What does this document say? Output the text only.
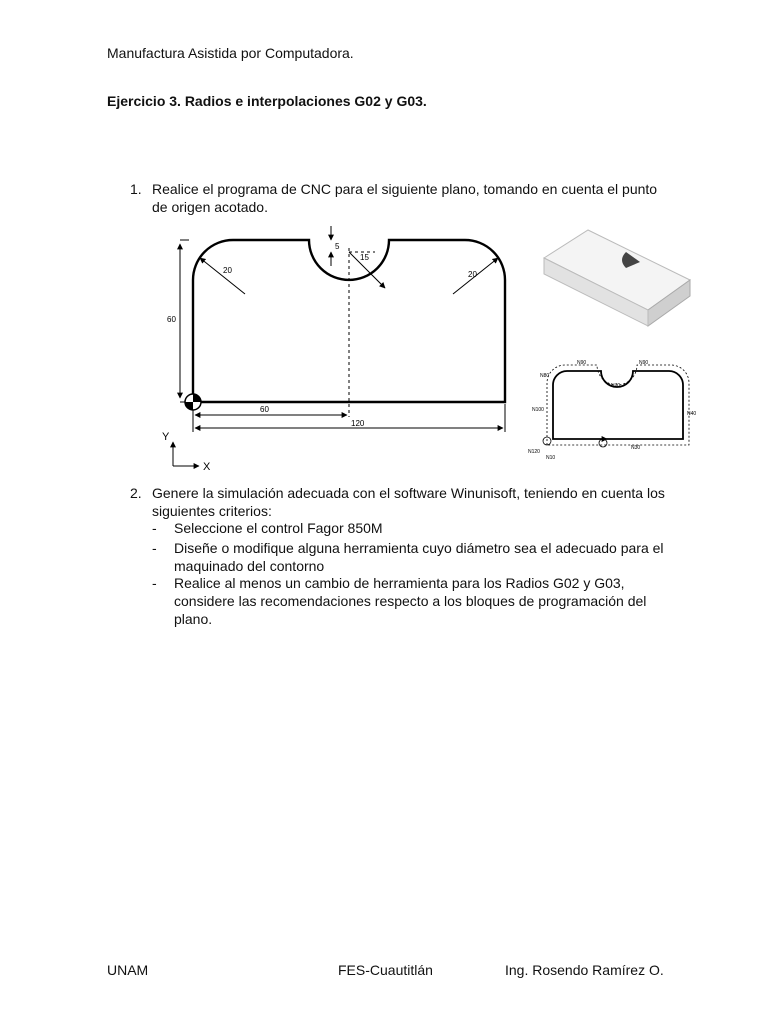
Manufactura Asistida por Computadora.
Ejercicio 3. Radios e interpolaciones G02 y G03.
1. Realice el programa de CNC para el siguiente plano, tomando en cuenta el punto
de origen acotado.
5
15
20	20
60
60
120
Y
X
N90	N90
N70
N80
N100
N40
N120
N10
N30
2. Genere la simulación adecuada con el software Winunisoft, teniendo en cuenta los
siguientes criterios:
- Seleccione el control Fagor 850M
- Diseñe o modifique alguna herramienta cuyo diámetro sea el adecuado para el
maquinado del contorno
- Realice al menos un cambio de herramienta para los Radios G02 y G03,
considere las recomendaciones respecto a los bloques de programación del
plano.
UNAM	FES-Cuautitlán	Ing. Rosendo Ramírez O.
